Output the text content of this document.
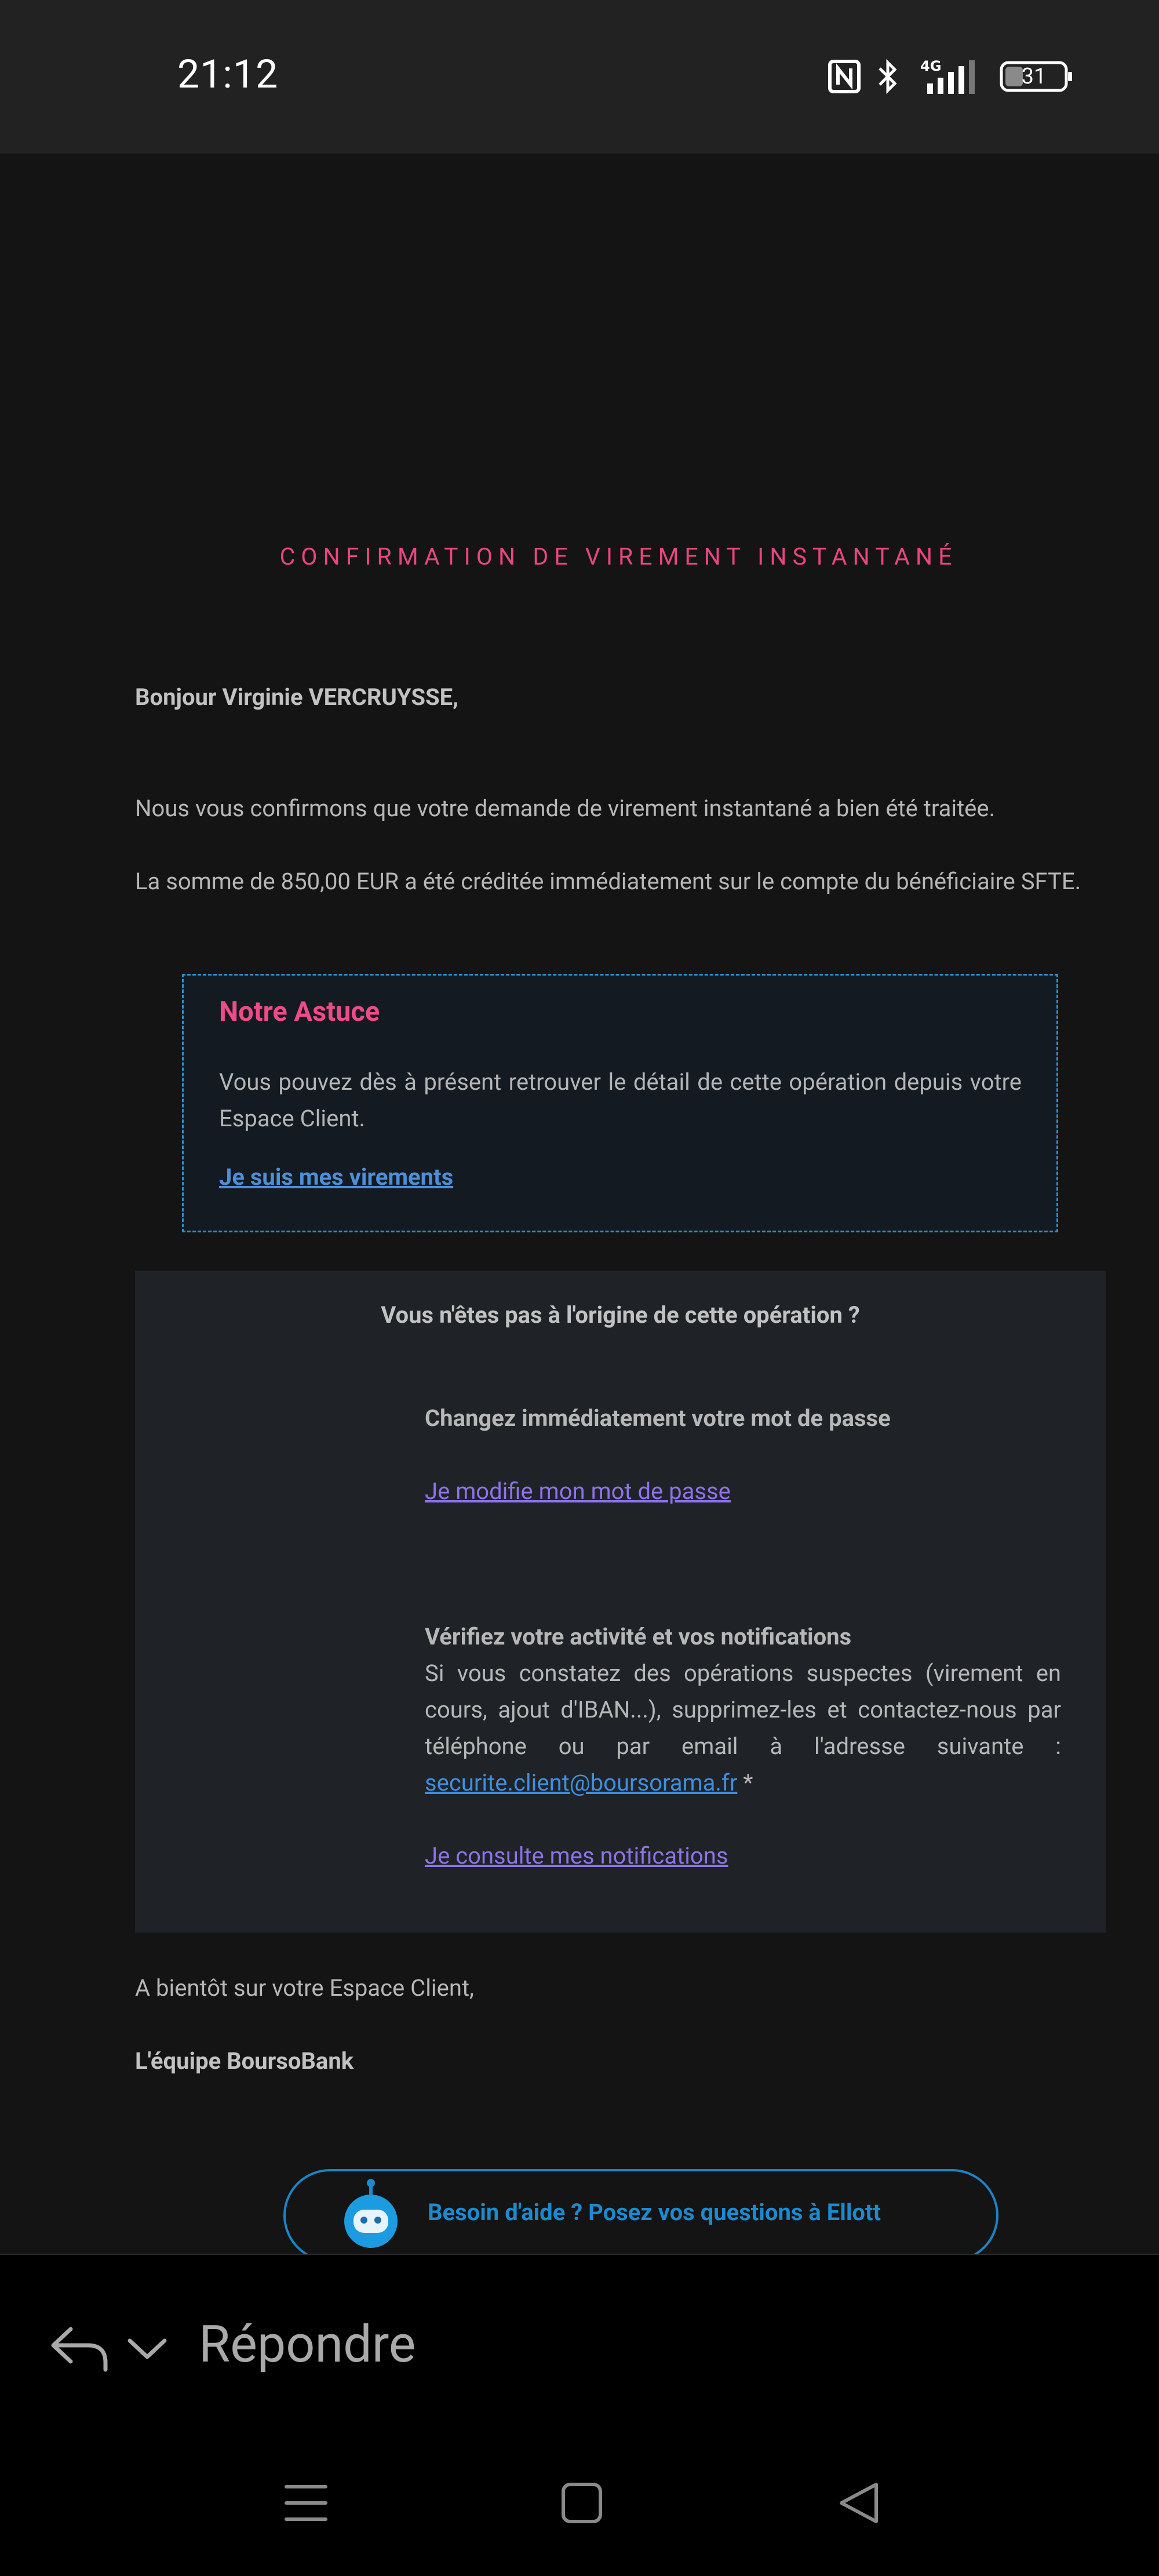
21:12	4G	31
CONFIRMATION DE VIREMENT INSTANTANÉ
Bonjour Virginie VERCRUYSSE,
Nous vous confirmons que votre demande de virement instantané a bien été traitée.
La somme de 850,00 EUR a été créditée immédiatement sur le compte du bénéficiaire SFTE.
Notre Astuce
Vous pouvez dès à présent retrouver le détail de cette opération depuis votre Espace Client.
Je suis mes virements
Vous n'êtes pas à l'origine de cette opération ?
Changez immédiatement votre mot de passe
Je modifie mon mot de passe
Vérifiez votre activité et vos notifications
Si vous constatez des opérations suspectes (virement en cours, ajout d'IBAN...), supprimez-les et contactez-nous par téléphone ou par email à l'adresse suivante : securite.client@boursorama.fr *
Je consulte mes notifications
A bientôt sur votre Espace Client,
L'équipe BoursoBank
Besoin d'aide ? Posez vos questions à Ellott
Répondre
